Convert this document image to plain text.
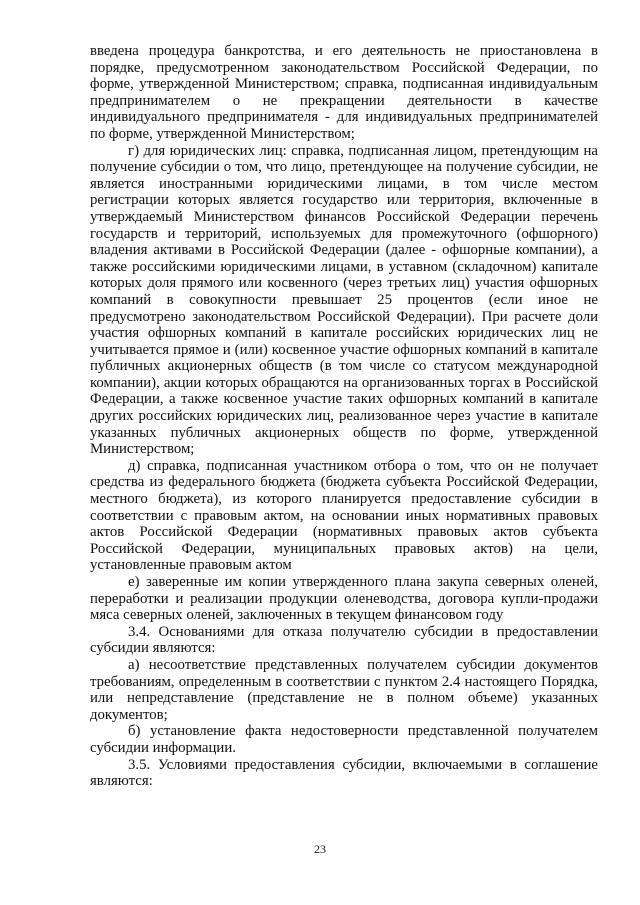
введена процедура банкротства, и его деятельность не приостановлена в порядке, предусмотренном законодательством Российской Федерации, по форме, утвержденной Министерством; справка, подписанная индивидуальным предпринимателем о не прекращении деятельности в качестве индивидуального предпринимателя - для индивидуальных предпринимателей по форме, утвержденной Министерством;

г) для юридических лиц: справка, подписанная лицом, претендующим на получение субсидии о том, что лицо, претендующее на получение субсидии, не является иностранными юридическими лицами, в том числе местом регистрации которых является государство или территория, включенные в утверждаемый Министерством финансов Российской Федерации перечень государств и территорий, используемых для промежуточного (офшорного) владения активами в Российской Федерации (далее - офшорные компании), а также российскими юридическими лицами, в уставном (складочном) капитале которых доля прямого или косвенного (через третьих лиц) участия офшорных компаний в совокупности превышает 25 процентов (если иное не предусмотрено законодательством Российской Федерации). При расчете доли участия офшорных компаний в капитале российских юридических лиц не учитывается прямое и (или) косвенное участие офшорных компаний в капитале публичных акционерных обществ (в том числе со статусом международной компании), акции которых обращаются на организованных торгах в Российской Федерации, а также косвенное участие таких офшорных компаний в капитале других российских юридических лиц, реализованное через участие в капитале указанных публичных акционерных обществ по форме, утвержденной Министерством;

д) справка, подписанная участником отбора о том, что он не получает средства из федерального бюджета (бюджета субъекта Российской Федерации, местного бюджета), из которого планируется предоставление субсидии в соответствии с правовым актом, на основании иных нормативных правовых актов Российской Федерации (нормативных правовых актов субъекта Российской Федерации, муниципальных правовых актов) на цели, установленные правовым актом

е) заверенные им копии утвержденного плана закупа северных оленей, переработки и реализации продукции оленеводства, договора купли-продажи мяса северных оленей, заключенных в текущем финансовом году

3.4. Основаниями для отказа получателю субсидии в предоставлении субсидии являются:

а) несоответствие представленных получателем субсидии документов требованиям, определенным в соответствии с пунктом 2.4 настоящего Порядка, или непредставление (представление не в полном объеме) указанных документов;

б) установление факта недостоверности представленной получателем субсидии информации.

3.5. Условиями предоставления субсидии, включаемыми в соглашение являются:

23
